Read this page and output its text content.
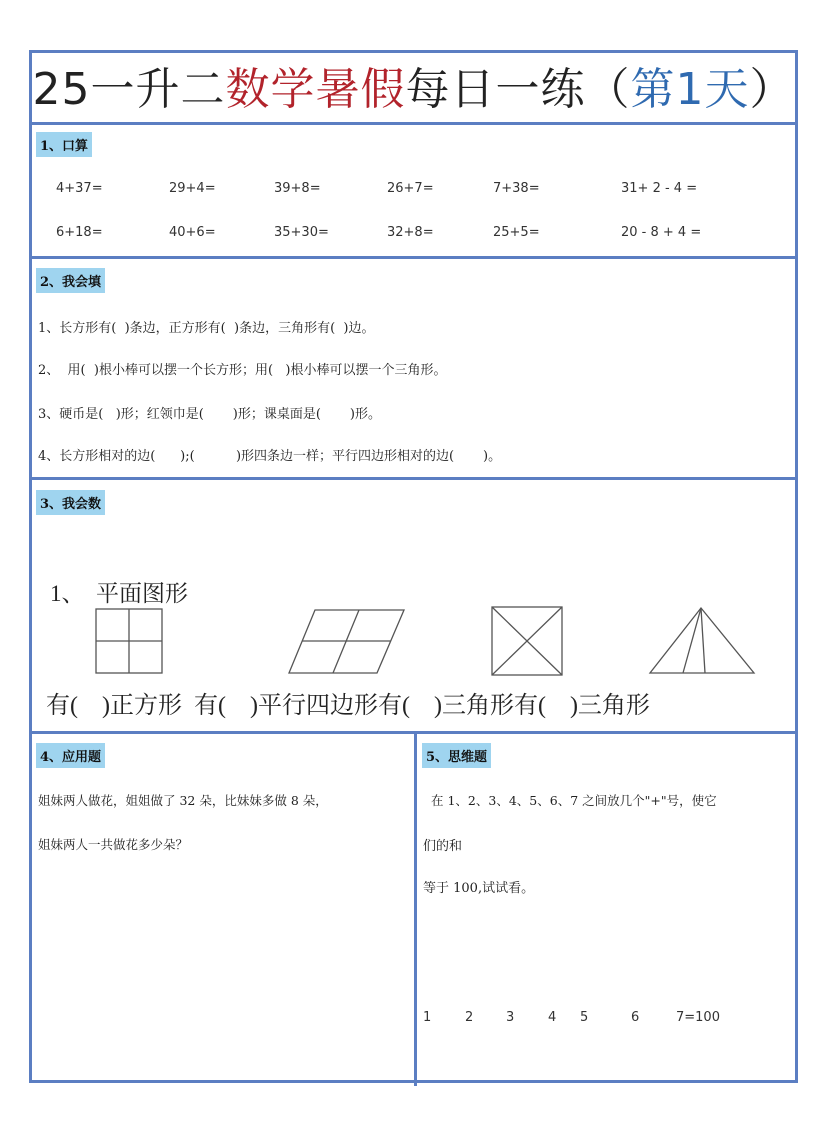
25一升二数学暑假每日一练（第1天）
1、口算
4+37=	29+4=	39+8=	26+7=	7+38=	31+ 2 - 4 =
6+18=	40+6=	35+30=	32+8=	25+5=	20 - 8 + 4 =
2、我会填
1、长方形有(  )条边，正方形有(  )条边，三角形有(  )边。
2、  用(  )根小棒可以摆一个长方形；用(   )根小棒可以摆一个三角形。
3、硬币是(   )形；红领巾是(       )形；课桌面是(       )形。
4、长方形相对的边(      );(          )形四条边一样；平行四边形相对的边(       )。
3、我会数
1、  平面图形
有(    )正方形 有(    )平行四边形有(    )三角形有(    )三角形
4、应用题
姐妹两人做花，姐姐做了 32 朵，比妹妹多做 8 朵，
姐妹两人一共做花多少朵？
5、思维题
在 1、2、3、4、5、6、7 之间放几个"+"号，使它
们的和
等于 100,试试看。
1	2	3	4 5	6	7=100
